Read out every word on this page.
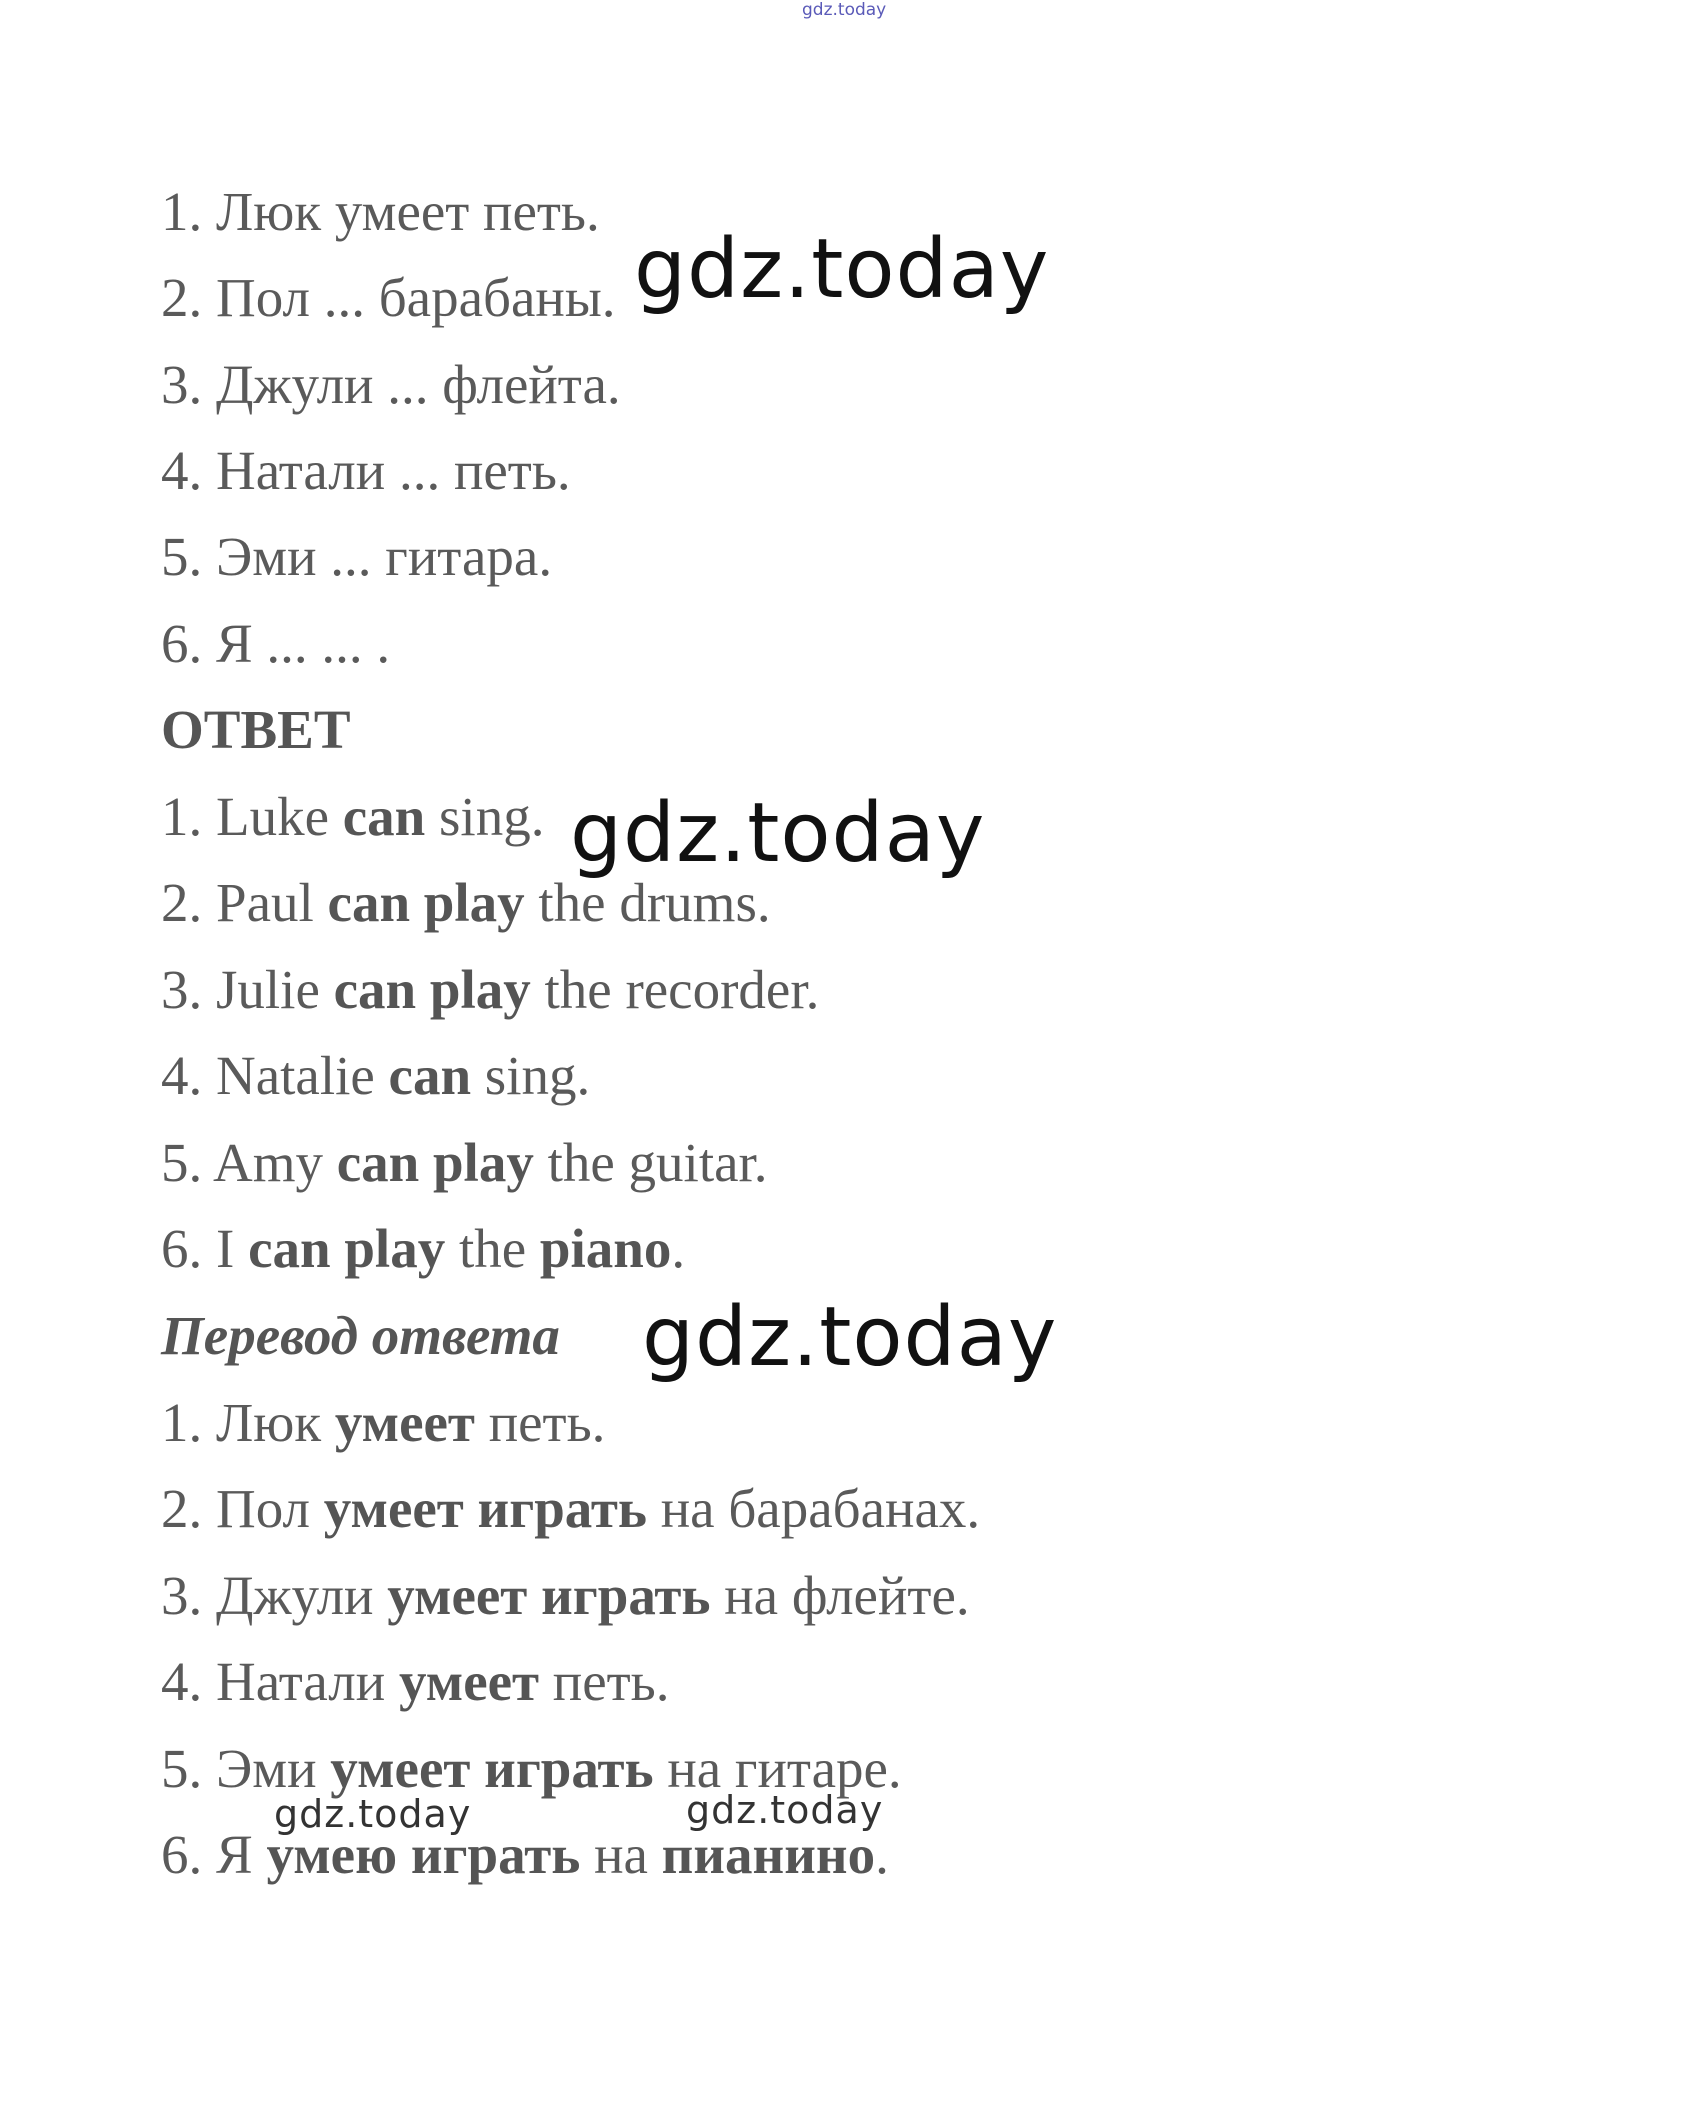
gdz.today
1. Люк умеет петь.
2. Пол ... барабаны.
3. Джули ... флейта.
4. Натали ... петь.
5. Эми ... гитара.
6. Я ... ... .
ОТВЕТ
1. Luke can sing.
2. Paul can play the drums.
3. Julie can play the recorder.
4. Natalie can sing.
5. Amy can play the guitar.
6. I can play the piano.
Перевод ответа
1. Люк умеет петь.
2. Пол умеет играть на барабанах.
3. Джули умеет играть на флейте.
4. Натали умеет петь.
5. Эми умеет играть на гитаре.
6. Я умею играть на пианино.
gdz.today
gdz.today
gdz.today
gdz.today	gdz.today
